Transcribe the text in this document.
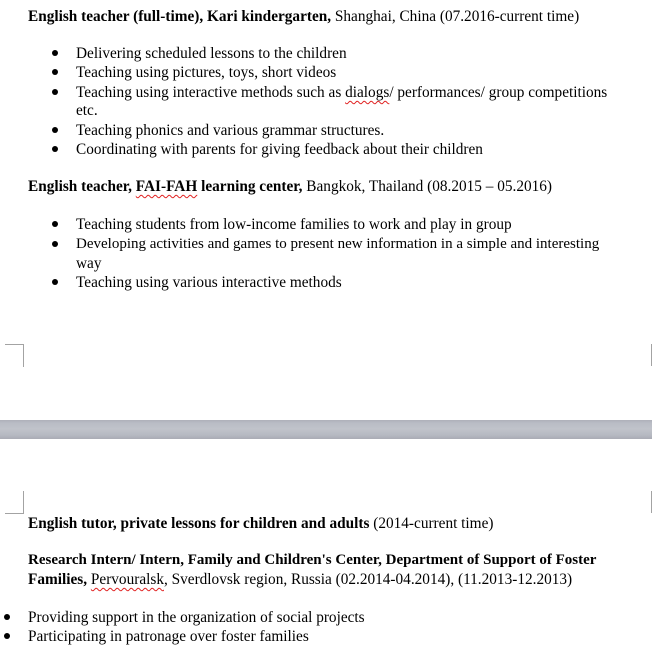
English teacher (full-time), Kari kindergarten, Shanghai, China (07.2016-current time)
Delivering scheduled lessons to the children
Teaching using pictures, toys, short videos
Teaching using interactive methods such as dialogs/ performances/ group competitions
etc.
Teaching phonics and various grammar structures.
Coordinating with parents for giving feedback about their children
English teacher, FAI-FAH learning center, Bangkok, Thailand (08.2015 – 05.2016)
Teaching students from low-income families to work and play in group
Developing activities and games to present new information in a simple and interesting
way
Teaching using various interactive methods
English tutor, private lessons for children and adults (2014-current time)
Research Intern/ Intern, Family and Children's Center, Department of Support of Foster
Families, Pervouralsk, Sverdlovsk region, Russia (02.2014-04.2014), (11.2013-12.2013)
Providing support in the organization of social projects
Participating in patronage over foster families
